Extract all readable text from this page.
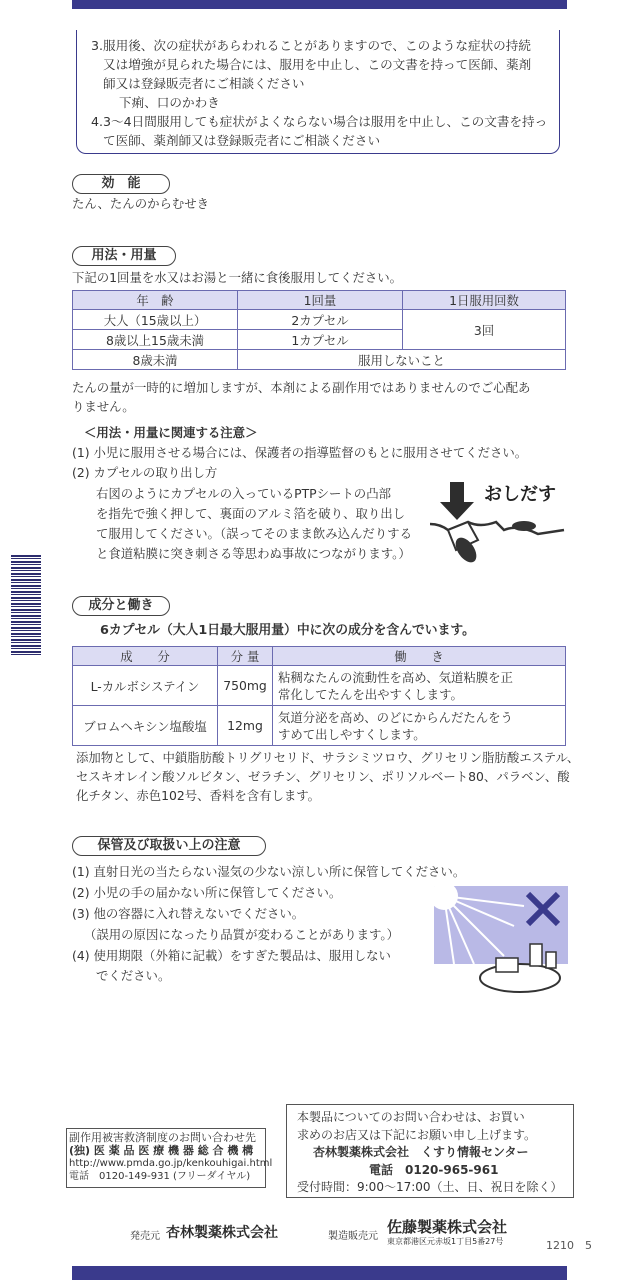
3.服用後、次の症状があらわれることがありますので、このような症状の持続

又は増強が見られた場合には、服用を中止し、この文書を持って医師、薬剤

師又は登録販売者にご相談ください

下痢、口のかわき

4.3〜4日間服用しても症状がよくならない場合は服用を中止し、この文書を持っ

て医師、薬剤師又は登録販売者にご相談ください

効　能
たん、たんのからむせき
用法・用量
下記の1回量を水又はお湯と一緒に食後服用してください。
年　齢	1回量	1日服用回数
大人（15歳以上）	2カプセル	3回
8歳以上15歳未満	1カプセル	
8歳未満	服用しないこと	
たんの量が一時的に増加しますが、本剤による副作用ではありませんのでご心配あ
りません。
＜用法・用量に関連する注意＞
(1) 小児に服用させる場合には、保護者の指導監督のもとに服用させてください。
(2) カプセルの取り出し方
右図のようにカプセルの入っているPTPシートの凸部
を指先で強く押して、裏面のアルミ箔を破り、取り出し
て服用してください。（誤ってそのまま飲み込んだりする
と食道粘膜に突き刺さる等思わぬ事故につながります。）
おしだす
成分と働き
6カプセル（大人1日最大服用量）中に次の成分を含んでいます。
成　　分	分 量	働　　き
L-カルボシステイン	750mg	粘稠なたんの流動性を高め、気道粘膜を正
常化してたんを出やすくします。

ブロムヘキシン塩酸塩	12mg	気道分泌を高め、のどにからんだたんをう
すめて出しやすくします。
添加物として、中鎖脂肪酸トリグリセリド、サラシミツロウ、グリセリン脂肪酸エステル、
セスキオレイン酸ソルビタン、ゼラチン、グリセリン、ポリソルベート80、パラベン、酸
化チタン、赤色102号、香料を含有します。
保管及び取扱い上の注意
(1) 直射日光の当たらない湿気の少ない涼しい所に保管してください。
(2) 小児の手の届かない所に保管してください。
(3) 他の容器に入れ替えないでください。
（誤用の原因になったり品質が変わることがあります。）
(4) 使用期限（外箱に記載）をすぎた製品は、服用しない
でください。
副作用被害救済制度のお問い合わせ先
(独) 医 薬 品 医 療 機 器 総 合 機 構
http://www.pmda.go.jp/kenkouhigai.html
電話　0120-149-931 (フリーダイヤル)
本製品についてのお問い合わせは、お買い
求めのお店又は下記にお願い申し上げます。
杏林製薬株式会社　くすり情報センター
電話　0120-965-961
受付時間：9:00〜17:00（土、日、祝日を除く）
発売元 杏林製薬株式会社	製造販売元
佐藤製薬株式会社
東京都港区元赤坂1丁目5番27号	1210　5
